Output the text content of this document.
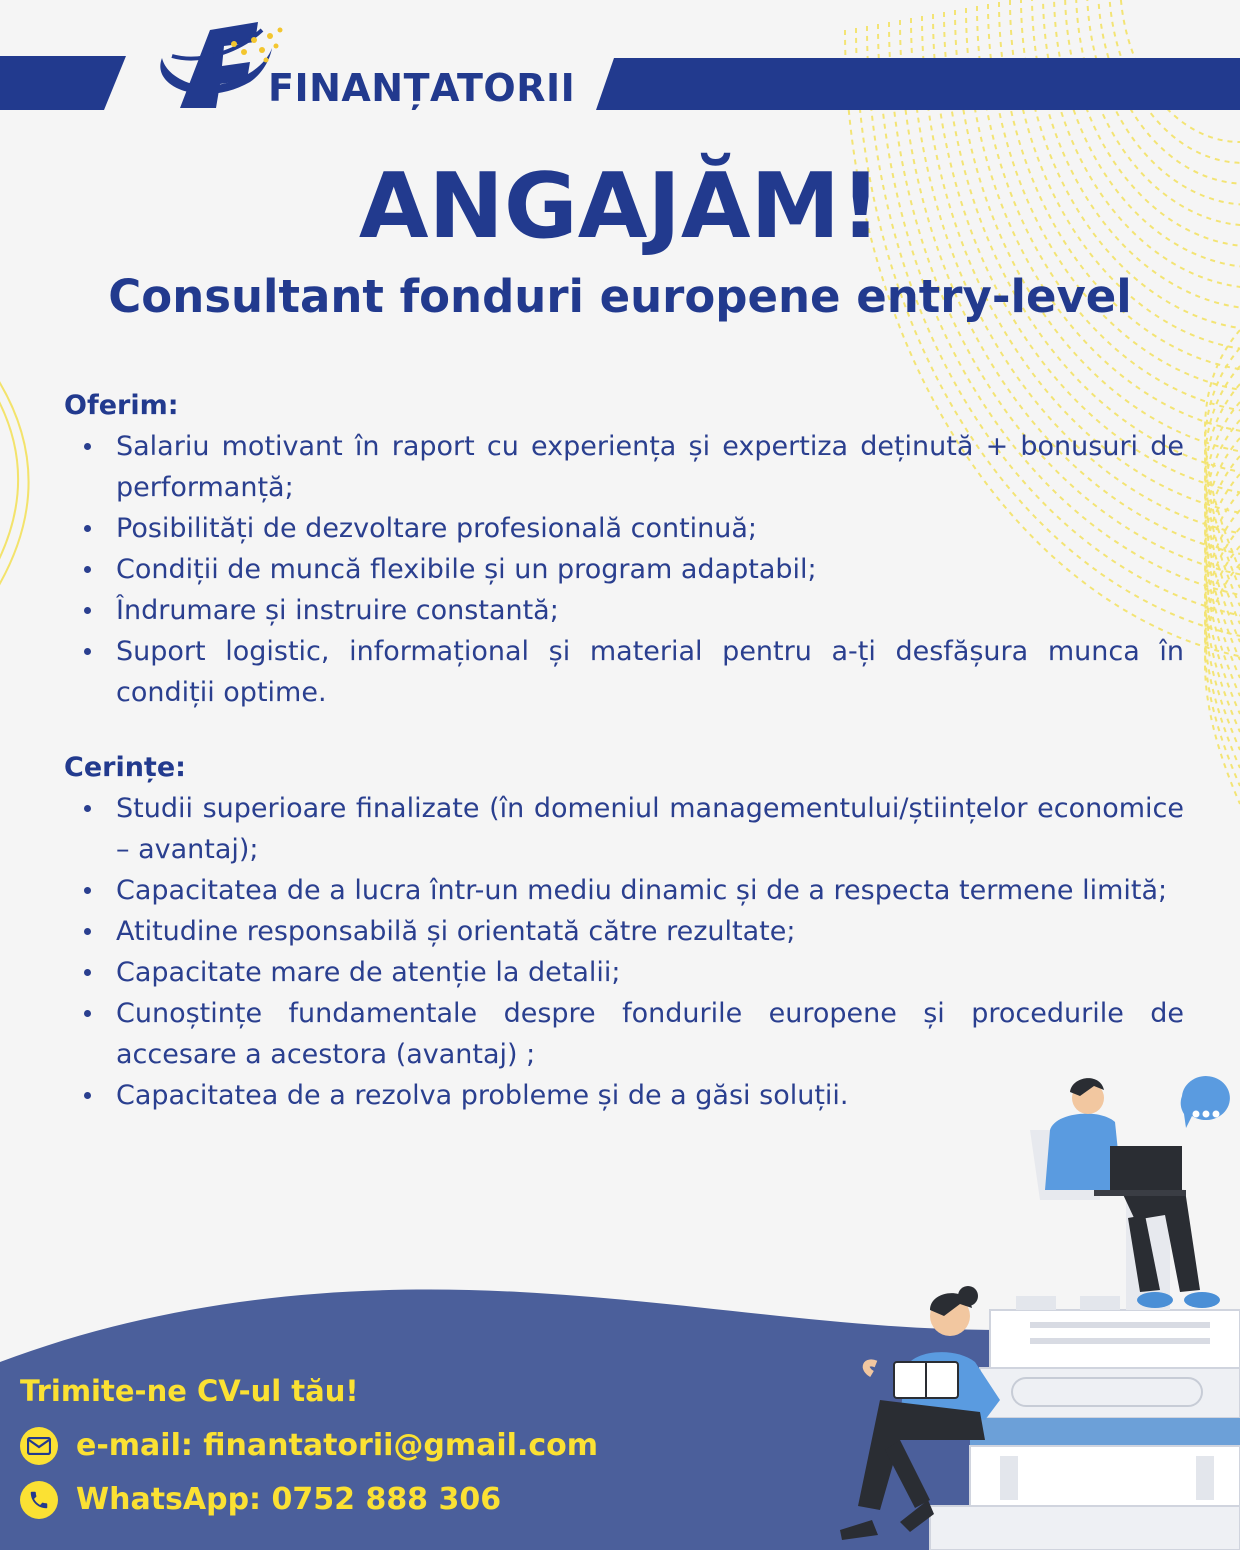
FINANȚATORII
ANGAJĂM!
Consultant fonduri europene entry-level
Oferim:
Salariu motivant în raport cu experiența și expertiza deținută + bonusuri de performanță;
Posibilități de dezvoltare profesională continuă;
Condiții de muncă flexibile și un program adaptabil;
Îndrumare și instruire constantă;
Suport logistic, informațional și material pentru a-ți desfășura munca în condiții optime.
Cerințe:
Studii superioare finalizate (în domeniul managementului/științelor economice – avantaj);
Capacitatea de a lucra într-un mediu dinamic și de a respecta termene limită;
Atitudine responsabilă și orientată către rezultate;
Capacitate mare de atenție la detalii;
Cunoștințe fundamentale despre fondurile europene și procedurile de accesare a acestora (avantaj) ;
Capacitatea de a rezolva probleme și de a găsi soluții.
Trimite-ne CV-ul tău!
e-mail: finantatorii@gmail.com
WhatsApp: 0752 888 306
